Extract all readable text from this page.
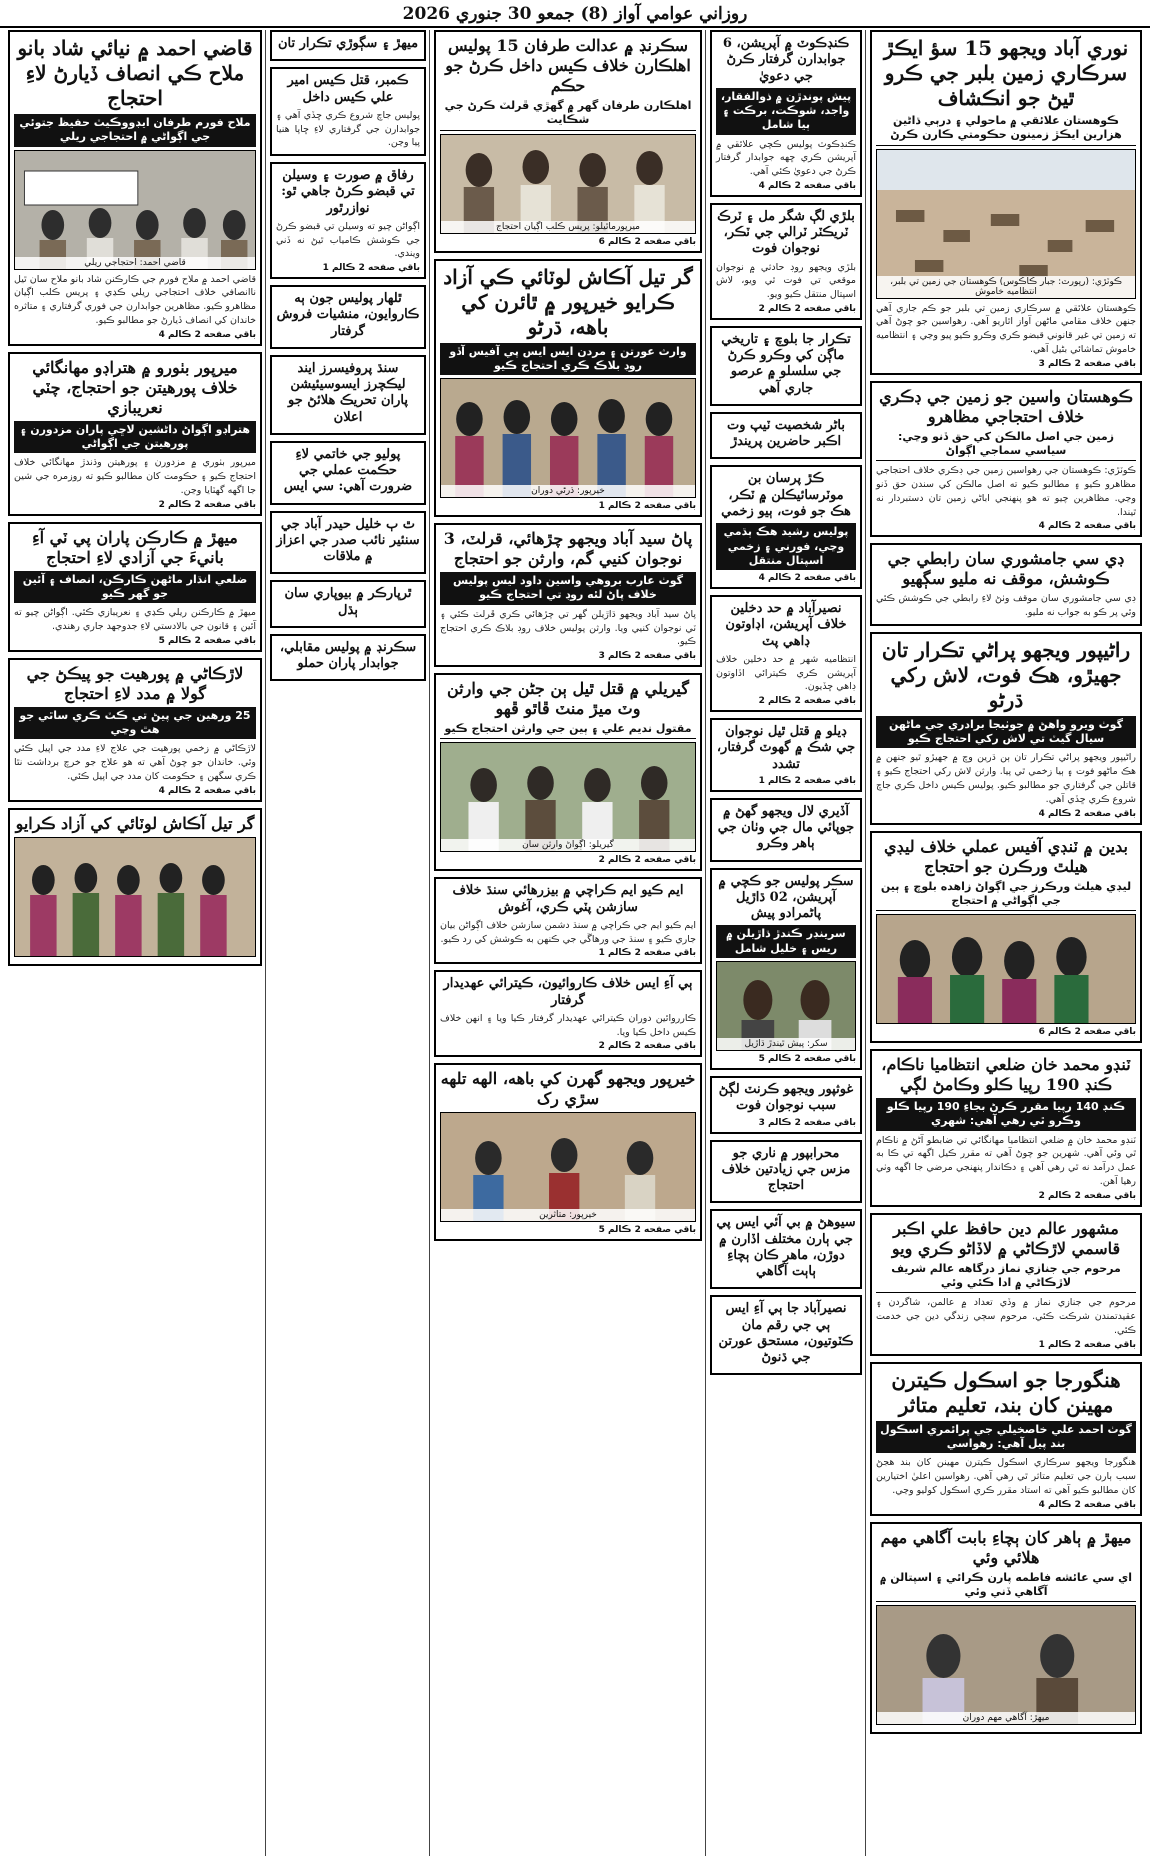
روزاني عوامي آواز (8) جمعو 30 جنوري 2026
نوري آباد ويجهو 15 سؤ ايڪڙ سرڪاري زمين بلبر جي ڪرو ٿيڻ جو انڪشاف
ڪوهستان علائقي ۾ ماحولي ۽ درٻي ڌاڻين هزارين ايڪڙ زمينون حڪومتي ڪارن ڪرڻ
ڪوٽڙي: (رپورٽ: جبار ڪاڪوس) ڪوهستان جي زمين تي بلبر، انتظاميه خاموش
ڪوهستان علائقي ۾ سرڪاري زمين تي بلبر جو ڪم جاري آهي جنهن خلاف مقامي ماڻهن آواز اٿاريو آهي. رهواسين جو چوڻ آهي ته زمين تي غير قانوني قبضو ڪري وڪرو ڪيو پيو وڃي ۽ انتظاميه خاموش تماشائي بڻيل آهي.
باقي صفحه 2 ڪالم 3
ڪوهستان واسين جو زمين جي ڊڪري خلاف احتجاجي مظاهرو
زمين جي اصل مالڪن کي حق ڏنو وڃي: سياسي سماجي اڳواڻ
ڪوٽڙي: ڪوهستان جي رهواسين زمين جي ڊڪري خلاف احتجاجي مظاهرو ڪيو ۽ مطالبو ڪيو ته اصل مالڪن کي سندن حق ڏنو وڃي. مظاهرين چيو ته هو پنهنجي اباڻي زمين تان دستبردار نه ٿيندا.
باقي صفحه 2 ڪالم 4
ڊي سي جامشوري سان رابطي جي ڪوشش، موقف نه مليو سڳهيو
ڊي سي جامشوري سان موقف وٺڻ لاءِ رابطي جي ڪوشش ڪئي وئي پر ڪو به جواب نه مليو.
راڻيپور ويجهو پراڻي تڪرار تان جهيڙو، هڪ فوت، لاش رکي ڌرڻو
گوٺ ويرو واهڻ ۾ جوٺيجا برادري جي ماڻهن سيال گيٽ تي لاش رکي احتجاج ڪيو
راڻيپور ويجهو پراڻي تڪرار تان ٻن ڌرين وچ ۾ جهيڙو ٿيو جنهن ۾ هڪ ماڻهو فوت ۽ ٻيا زخمي ٿي پيا. وارثن لاش رکي احتجاج ڪيو ۽ قاتلن جي گرفتاري جو مطالبو ڪيو. پوليس ڪيس داخل ڪري جاچ شروع ڪري ڇڏي آهي.
باقي صفحه 2 ڪالم 4
بدين ۾ ٽنڊي آفيس عملي خلاف ليڊي هيلٿ ورڪرن جو احتجاج
ليڊي هيلٿ ورڪرز جي اڳواڻ زاهده بلوچ ۽ ٻين جي اڳواڻي ۾ احتجاج
باقي صفحه 2 ڪالم 6
ٽنڊو محمد خان ضلعي انتظاميا ناڪام، ڪنڊ 190 رپيا ڪلو وڪامڻ لڳي
ڪنڊ 140 رپيا مقرر ڪرڻ بجاءِ 190 رپيا ڪلو وڪرو ٿي رهي آهي: شهري
ٽنڊو محمد خان ۾ ضلعي انتظاميا مهانگائي تي ضابطو آڻڻ ۾ ناڪام ٿي وئي آهي. شهرين جو چوڻ آهي ته مقرر ڪيل اگهه تي ڪا به عمل درآمد نه ٿي رهي آهي ۽ دڪاندار پنهنجي مرضي جا اگهه وٺي رهيا آهن.
باقي صفحه 2 ڪالم 2
مشهور عالم دين حافظ علي اڪبر قاسمي لاڙڪاڻي ۾ لاڏاڻو ڪري ويو
مرحوم جي جنازي نماز درگاهه عالم شريف لاڙڪاڻي ۾ ادا ڪئي وئي
مرحوم جي جنازي نماز ۾ وڏي تعداد ۾ عالمن، شاگردن ۽ عقيدتمندن شرڪت ڪئي. مرحوم سڄي زندگي دين جي خدمت ڪئي.
باقي صفحه 2 ڪالم 1
هنگورجا جو اسڪول ڪيترن مهينن کان بند، تعليم متاثر
گوٺ احمد علي خاصخيلي جي پرائمري اسڪول بند پيل آهي: رهواسي
هنگورجا ويجهو سرڪاري اسڪول ڪيترن مهينن کان بند هجڻ سبب ٻارن جي تعليم متاثر ٿي رهي آهي. رهواسين اعليٰ اختيارين کان مطالبو ڪيو آهي ته استاد مقرر ڪري اسڪول کوليو وڃي.
باقي صفحه 2 ڪالم 4
ميهڙ ۾ ٻاهر کان ٻچاءِ بابت آگاهي مهم هلائي وئي
اي سي عائشه فاطمه پارن ڪرائي ۽ اسپتالن ۾ آگاهي ڏني وئي
ميهڙ: آگاهي مهم دوران
ڪنڊڪوٽ ۾ آپريشن، 6 جوابدارن گرفتار ڪرڻ جي دعويٰ
پيش پوندڙن ۾ ذوالفقار، واجد، شوڪت، برڪت ۽ ٻيا شامل
ڪنڊڪوٽ پوليس ڪچي علائقي ۾ آپريشن ڪري ڇهه جوابدار گرفتار ڪرڻ جي دعويٰ ڪئي آهي.
باقي صفحه 2 ڪالم 4
بلڙي لڳ شگر مل ۽ ٽرڪ ٽريڪٽر ٽرالي جي ٽڪر، نوجوان فوت
بلڙي ويجهو روڊ حادثي ۾ نوجوان موقعي تي فوت ٿي ويو، لاش اسپتال منتقل ڪيو ويو.
باقي صفحه 2 ڪالم 2
تڪرار جا بلوچ ۽ تاريخي ماڳن کي وڪرو ڪرڻ جي سلسلو ۾ عرصو جاري آهي
باڻر شخصيت ٽيپ وت اڪبر حاضرين پريندڙ
ڪڙ پرسان بن موٽرسائيڪلن ۾ ٽڪر، هڪ جو فوت، ٻيو زخمي
پوليس رشيد هڪ ٻڌمي وڃي، فورني ۽ زخمي اسپتال منتقل
باقي صفحه 2 ڪالم 4
نصيرآباد ۾ حد دخلين خلاف آپريشن، اڊاوتون ڊاهي پٽ
انتظاميه شهر ۾ حد دخلين خلاف آپريشن ڪري ڪيترائي اڏاوتون ڊاهي ڇڏيون.
باقي صفحه 2 ڪالم 2
ڊيلو ۾ قتل ٿيل نوجوان جي شڪ ۾ گهوٽ گرفتار، تشدد
باقي صفحه 2 ڪالم 1
آڏيري لال ويجهو گهڻ ۾ جوپائي مال جي وٺان جي ٻاهر وڪرو
سڪر پوليس جو ڪچي ۾ آپريشن، 02 ڌاڙيل پاڻمرادو پيش
سرينڊر ڪندڙ ڌاڙيلن ۾ ريس ۽ خليل شامل
سکر: پيش ٿيندڙ ڌاڙيل
باقي صفحه 2 ڪالم 5
غوثپور ويجهو ڪرنٽ لڳڻ سبب نوجوان فوت
باقي صفحه 2 ڪالم 3
محرابپور ۾ ناري جو مزس جي زيادتين خلاف احتجاج
سيوهڻ ۾ بي آئي ايس پي جي ٻارن مختلف اڏارن ۾ دوڙن، ماهر ڪان ٻچاءِ ٻاٻت آگاهي
نصيرآباد جا ٻي آءِ ايس ٻي جي رقم مان ڪٽوتيون، مستحق عورتن جي ڌنوڻ
سڪرنڊ ۾ عدالت طرفان 15 پوليس اهلڪارن خلاف ڪيس داخل ڪرڻ جو حڪم
اهلڪارن طرفان گهر ۾ گهڙي ڦرلٽ ڪرڻ جي شڪايت
ميرپورماٿيلو: پريس ڪلب اڳيان احتجاج
باقي صفحه 2 ڪالم 6
گر تيل آڪاش لوٽائي ڪي آزاد ڪرايو خيرپور ۾ ٿائرن کي باهه، ڌرڻو
وارث عورتن ۽ مردن ايس ايس پي آفيس آڏو روڊ بلاڪ ڪري احتجاج ڪيو
خيرپور: ڌرڻي دوران
باقي صفحه 2 ڪالم 1
پاڻ سيد آباد ويجهو چڙهائي، قرلٽ، 3 نوجوان کنيي گم، وارثن جو احتجاج
گوٺ عارب بروهي واسين داود ليس پوليس خلاف پاڻ لئه روڊ تي احتجاج ڪيو
پاڻ سيد آباد ويجهو ڌاڙيلن گهر تي چڙهائي ڪري ڦرلٽ ڪئي ۽ ٽي نوجوان کنيي ويا. وارثن پوليس خلاف روڊ بلاڪ ڪري احتجاج ڪيو.
باقي صفحه 2 ڪالم 3
گيريلي ۾ قتل ٿيل ٻن جڻن جي وارثن وٽ ميڙ منٽ ڦاٿو ڦهو
مقتول نديم علي ۽ ٻين جي وارثن احتجاج ڪيو
گيريلو: اڳواڻ وارثن سان
باقي صفحه 2 ڪالم 2
ايم ڪيو ايم ڪراچي ۾ بيزرهائي سنڌ خلاف سازشن پٽي ڪري، آغوش
ايم ڪيو ايم جي ڪراچي ۾ سنڌ دشمن سازشن خلاف اڳواڻن بيان جاري ڪيو ۽ سنڌ جي ورهاڱي جي ڪنهن به ڪوشش کي رد ڪيو.
باقي صفحه 2 ڪالم 1
ٻي آءِ ايس خلاف ڪاروائيون، ڪيترائي عهديدار گرفتار
ڪارروائين دوران ڪيترائي عهديدار گرفتار ڪيا ويا ۽ انهن خلاف ڪيس داخل ڪيا ويا.
باقي صفحه 2 ڪالم 2
خيرپور ويجهو گهرن کي باهه، الهه تلهه سڙي رک
خيرپور: متاثرين
باقي صفحه 2 ڪالم 5
ميهڙ ۽ سڳوڙي تڪرار تان
ڪمبر، قتل ڪيس امير علي ڪيس داخل
پوليس جاچ شروع ڪري ڇڏي آهي ۽ جوابدارن جي گرفتاري لاءِ ڇاپا هنيا پيا وڃن.
رفاق ۾ صورت ۽ وسيلن تي قبضو ڪرڻ جاهي ٿو: نوازرٿور
اڳواڻن چيو ته وسيلن تي قبضو ڪرڻ جي ڪوشش ڪامياب ٿيڻ نه ڏني ويندي.
باقي صفحه 2 ڪالم 1
ٿلهار پوليس جون ٻه ڪاروايون، منشيات فروش گرفتار
سنڌ پروفيسرز ايند ليڪچرز ايسوسيئيشن پاران تحريڪ هلائڻ جو اعلان
پوليو جي خاتمي لاءِ حڪمت عملي جي ضرورت آهي: سي ايس
ٿ ٻ خليل حيدر آباد جي سنئير نائب صدر جي اعزاز ۾ ملاقات
ٿرپارڪر ۾ بيوپاري سان ٻڌل
سڪرنڊ ۾ پوليس مقابلي، جوابدار پاران حملو
قاضي احمد ۾ نيائي شاد بانو ملاح ڪي انصاف ڏيارڻ لاءِ احتجاج
ملاح فورم طرفان ايڊووڪيٽ حفيظ جتوئي جي اڳواڻي ۾ احتجاجي ريلي
قاضي احمد: احتجاجي ريلي
قاضي احمد ۾ ملاح فورم جي ڪارڪنن شاد بانو ملاح سان ٿيل ناانصافي خلاف احتجاجي ريلي ڪڍي ۽ پريس ڪلب اڳيان مظاهرو ڪيو. مظاهرين جوابدارن جي فوري گرفتاري ۽ متاثره خاندان کي انصاف ڏيارڻ جو مطالبو ڪيو.
باقي صفحه 2 ڪالم 4
ميرپور بٺورو ۾ هتراڊو مهانگائي خلاف پورهيتن جو احتجاج، چٽي نعريبازي
هتراڊو اڳواڻ داڻشين لاڇي پاران مزدورن ۽ پورهيتن جي اڳواڻي
ميرپور بٺوري ۾ مزدورن ۽ پورهيتن وڌندڙ مهانگائي خلاف احتجاج ڪيو ۽ حڪومت کان مطالبو ڪيو ته روزمره جي شين جا اگهه گهٽايا وڃن.
باقي صفحه 2 ڪالم 2
ميهڙ ۾ ڪارڪن پاران پي ٽي آءِ بانيءَ جي آزادي لاءِ احتجاج
ضلعي انڌار ماڻهن ڪارڪن، انصاف ۽ آئين جو گهر ڪيو
ميهڙ ۾ ڪارڪنن ريلي ڪڍي ۽ نعريبازي ڪئي. اڳواڻن چيو ته آئين ۽ قانون جي بالادستي لاءِ جدوجهد جاري رهندي.
باقي صفحه 2 ڪالم 5
لاڙڪاڻي ۾ پورهيت جو پيڪڻ جي گولا ۾ مدد لاءِ احتجاج
25 ورهين جي پيڻ تي ڪٽ ڪري ساٿي جو هٿ وڃي
لاڙڪاڻي ۾ زخمي پورهيت جي علاج لاءِ مدد جي اپيل ڪئي وئي. خاندان جو چوڻ آهي ته هو علاج جو خرچ برداشت نٿا ڪري سگهن ۽ حڪومت کان مدد جي اپيل ڪئي.
باقي صفحه 2 ڪالم 4
گر تيل آڪاش لوٽائي کي آزاد ڪرايو
